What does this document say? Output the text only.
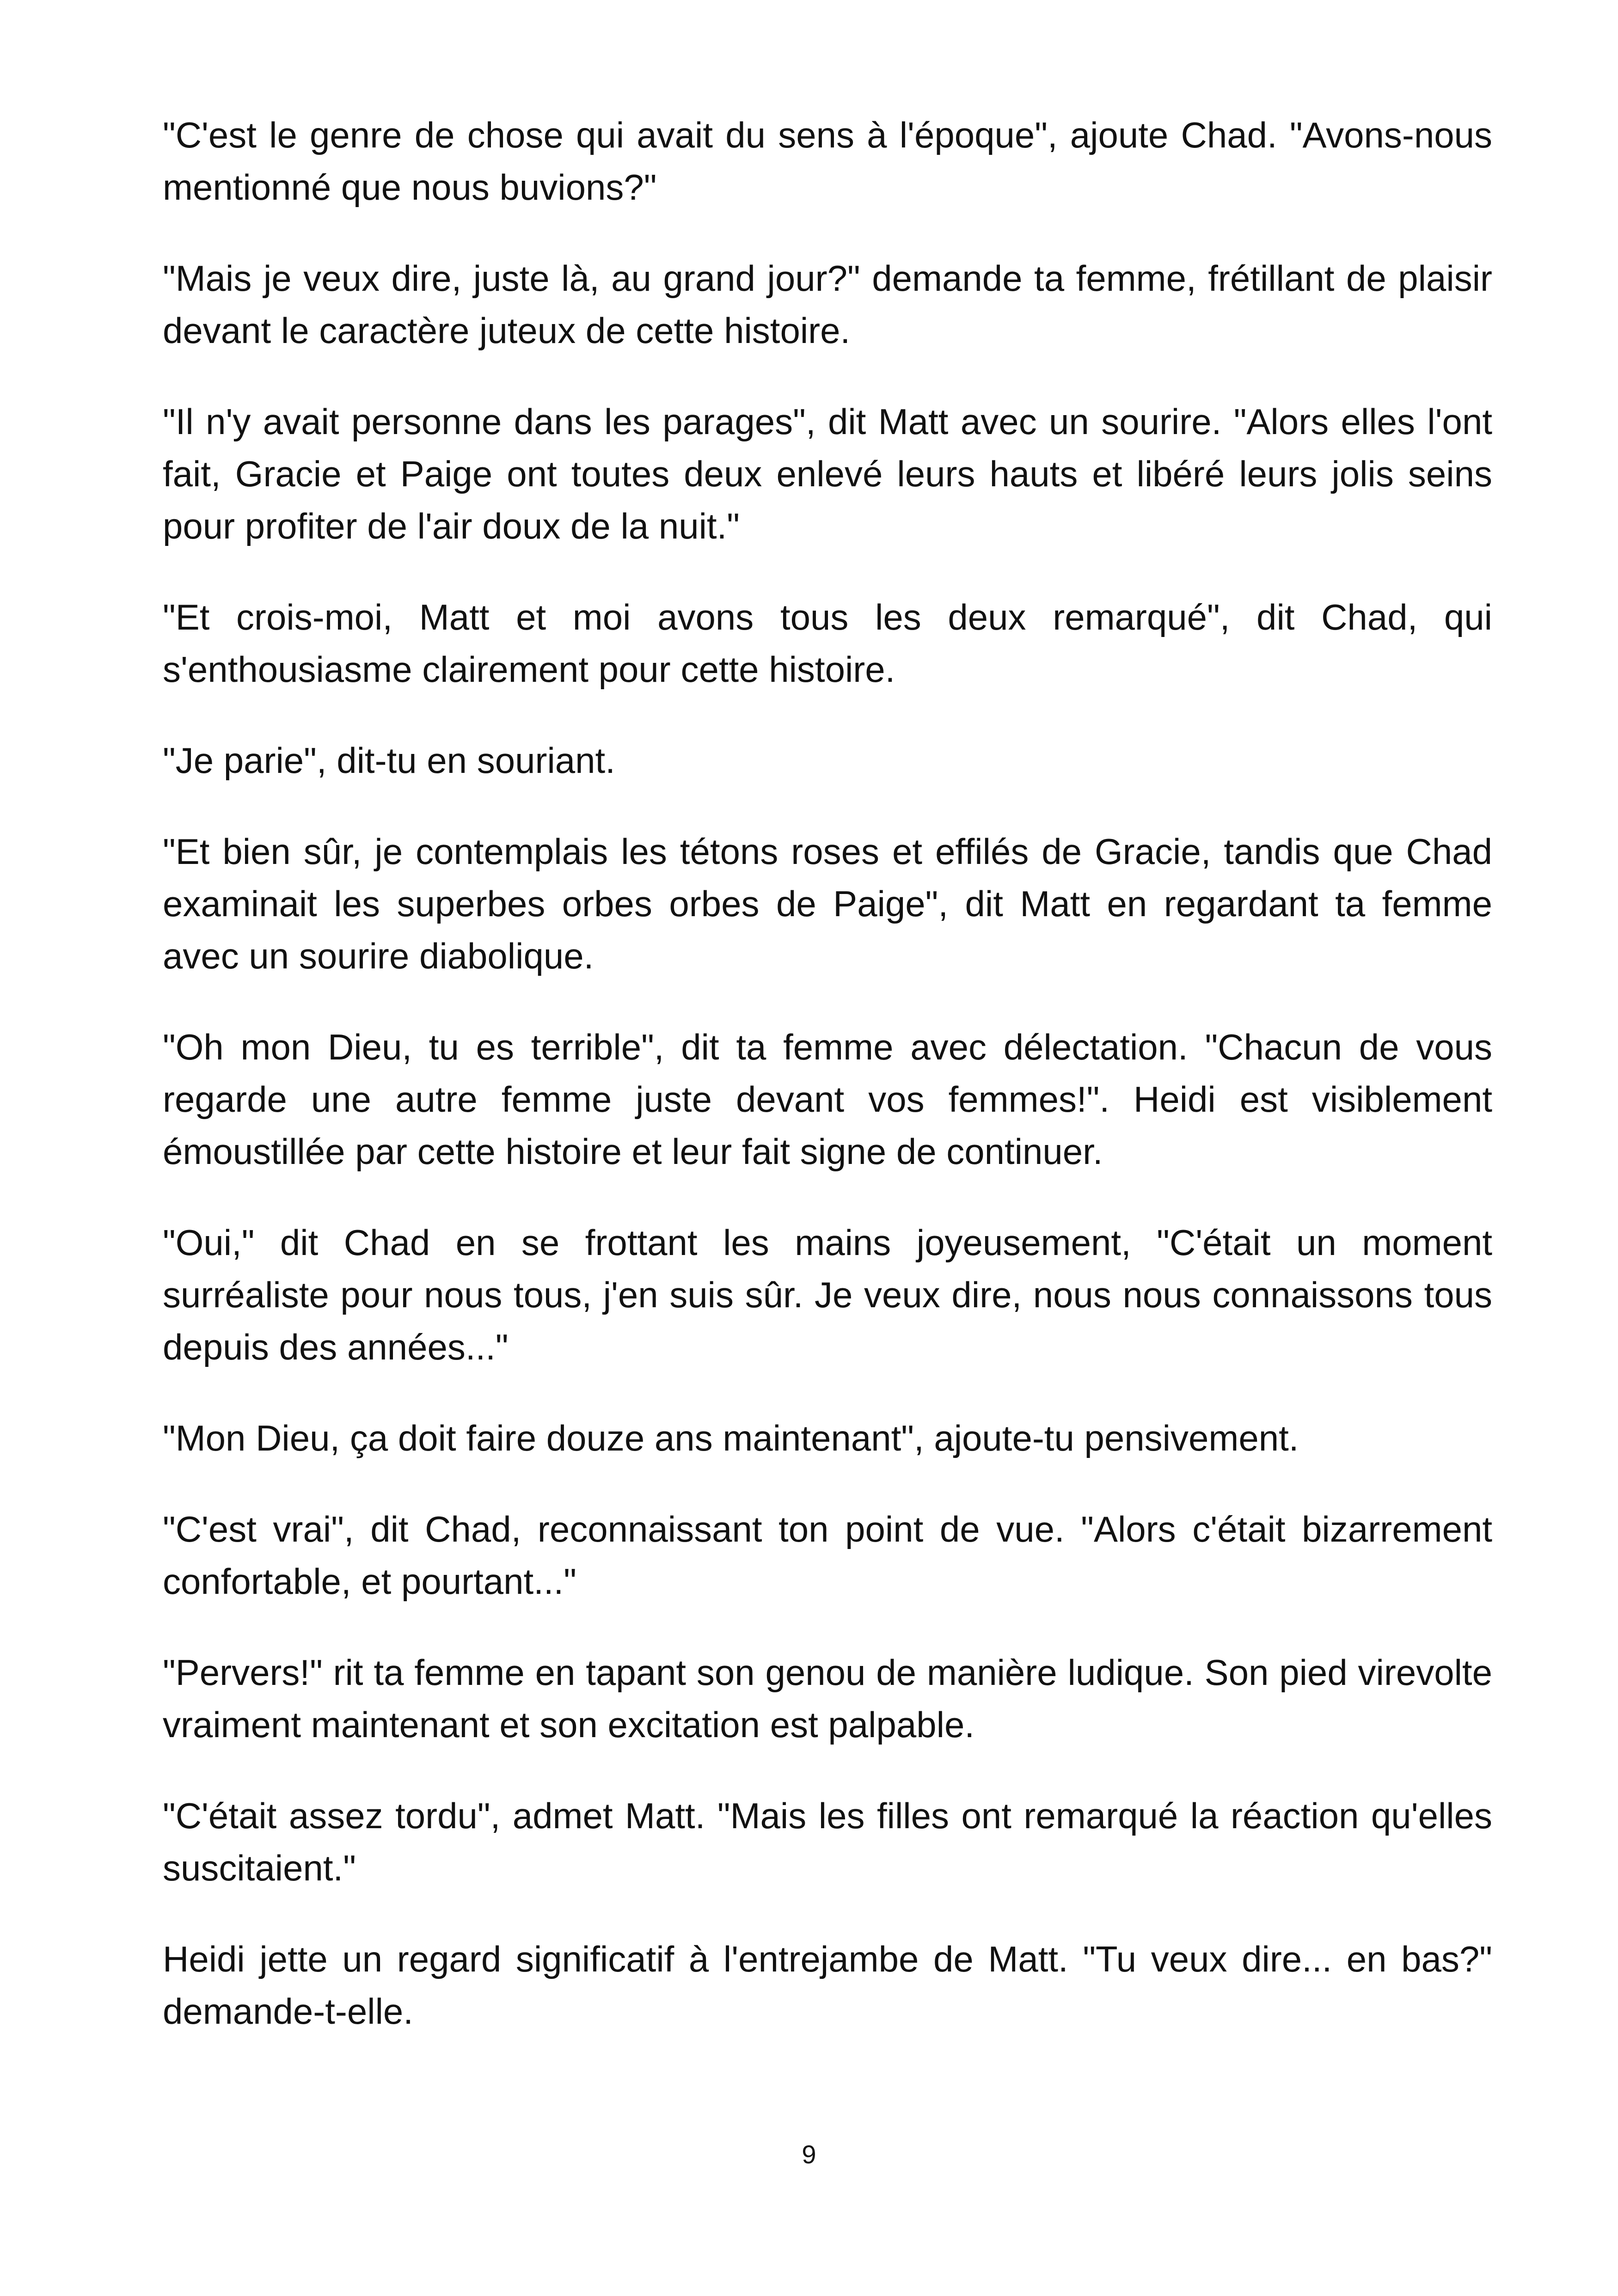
"C'est le genre de chose qui avait du sens à l'époque", ajoute Chad. "Avons-nous mentionné que nous buvions?"

"Mais je veux dire, juste là, au grand jour?" demande ta femme, frétillant de plaisir devant le caractère juteux de cette histoire.

"Il n'y avait personne dans les parages", dit Matt avec un sourire. "Alors elles l'ont fait, Gracie et Paige ont toutes deux enlevé leurs hauts et libéré leurs jolis seins pour profiter de l'air doux de la nuit."

"Et crois-moi, Matt et moi avons tous les deux remarqué", dit Chad, qui s'enthousiasme clairement pour cette histoire.

"Je parie", dit-tu en souriant.

"Et bien sûr, je contemplais les tétons roses et effilés de Gracie, tandis que Chad examinait les superbes orbes orbes de Paige", dit Matt en regardant ta femme avec un sourire diabolique.

"Oh mon Dieu, tu es terrible", dit ta femme avec délectation. "Chacun de vous regarde une autre femme juste devant vos femmes!". Heidi est visiblement émoustillée par cette histoire et leur fait signe de continuer.

"Oui," dit Chad en se frottant les mains joyeusement, "C'était un moment surréaliste pour nous tous, j'en suis sûr. Je veux dire, nous nous connaissons tous depuis des années..."

"Mon Dieu, ça doit faire douze ans maintenant", ajoute-tu pensivement.

"C'est vrai", dit Chad, reconnaissant ton point de vue. "Alors c'était bizarrement confortable, et pourtant..."

"Pervers!" rit ta femme en tapant son genou de manière ludique. Son pied virevolte vraiment maintenant et son excitation est palpable.

"C'était assez tordu", admet Matt. "Mais les filles ont remarqué la réaction qu'elles suscitaient."

Heidi jette un regard significatif à l'entrejambe de Matt. "Tu veux dire... en bas?" demande-t-elle.

9
